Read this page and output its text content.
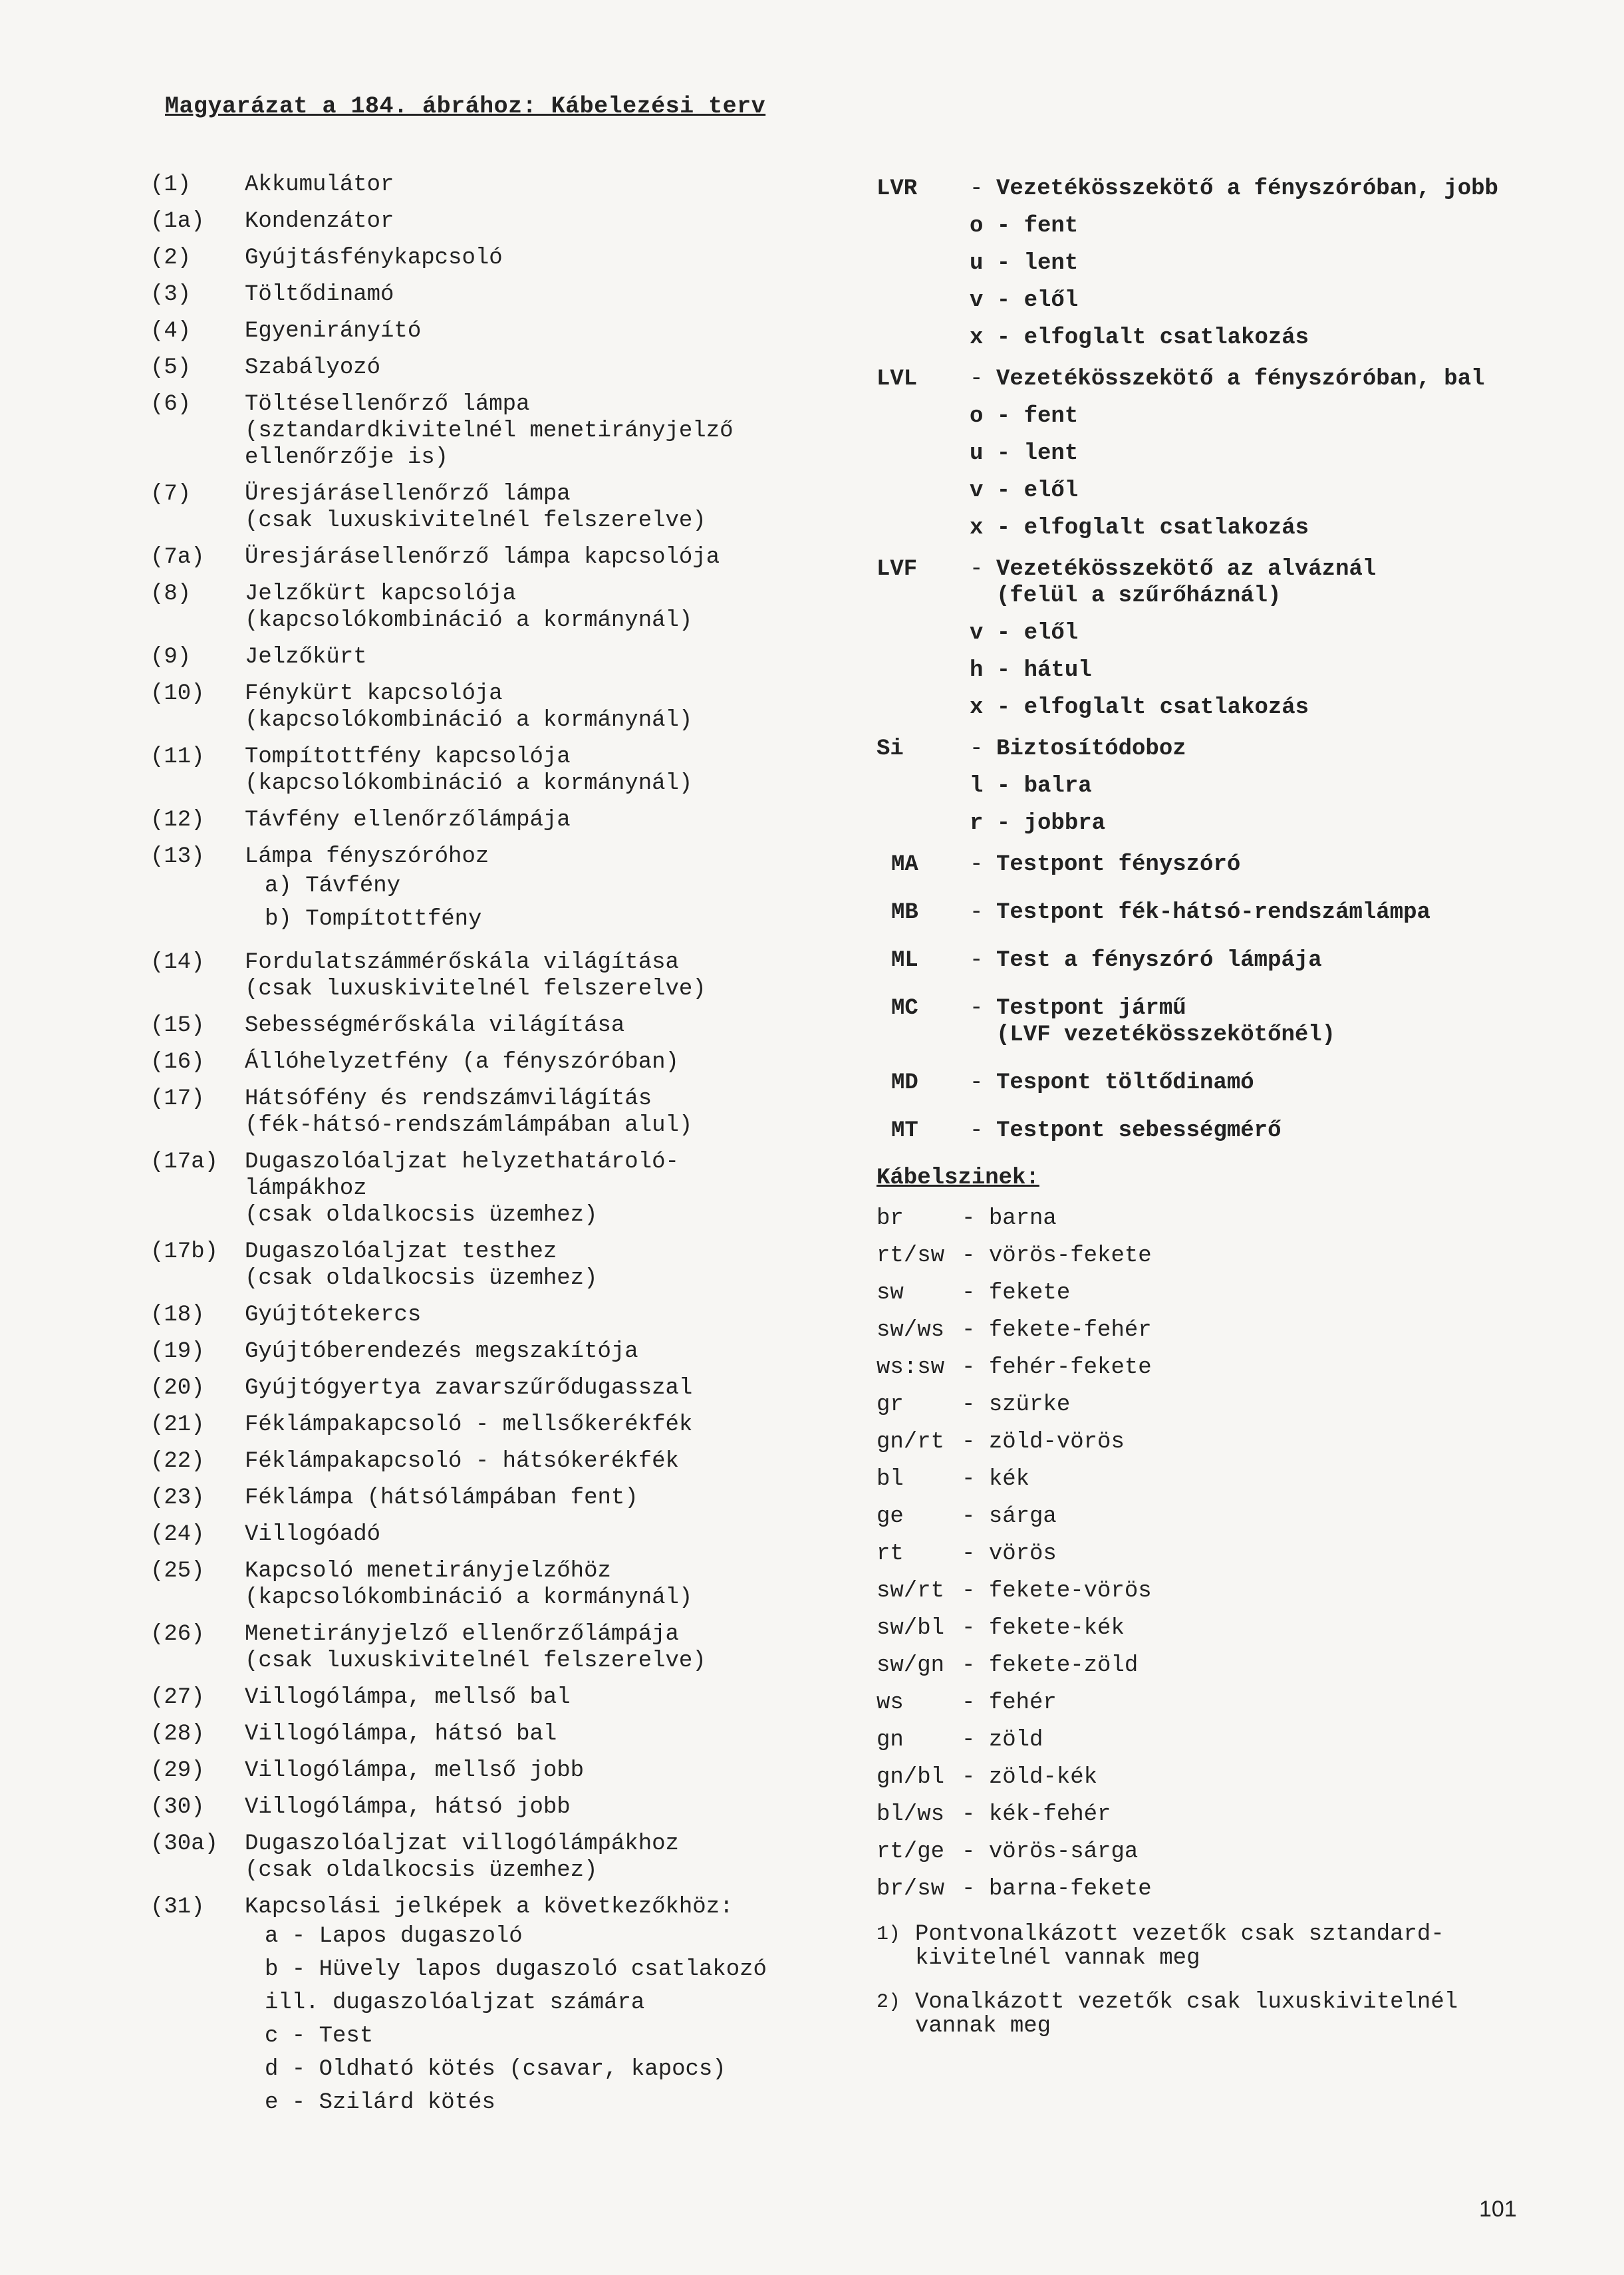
Magyarázat a 184. ábrához: Kábelezési terv
(1)	Akkumulátor
(1a)	Kondenzátor
(2)	Gyújtásfénykapcsoló
(3)	Töltődinamó
(4)	Egyenirányító
(5)	Szabályozó
(6)	Töltésellenőrző lámpa
(sztandardkivitelnél menetirányjelző
ellenőrzője is)
(7)	Üresjárásellenőrző lámpa
(csak luxuskivitelnél felszerelve)
(7a)	Üresjárásellenőrző lámpa kapcsolója
(8)	Jelzőkürt kapcsolója
(kapcsolókombináció a kormánynál)
(9)	Jelzőkürt
(10)	Fénykürt kapcsolója
(kapcsolókombináció a kormánynál)
(11)	Tompítottfény kapcsolója
(kapcsolókombináció a kormánynál)
(12)	Távfény ellenőrzőlámpája
(13)	Lámpa fényszóróhoz
a) Távfény
b) Tompítottfény
(14)	Fordulatszámmérőskála világítása
(csak luxuskivitelnél felszerelve)
(15)	Sebességmérőskála világítása
(16)	Állóhelyzetfény (a fényszóróban)
(17)	Hátsófény és rendszámvilágítás
(fék-hátsó-rendszámlámpában alul)
(17a)	Dugaszolóaljzat helyzethatároló-
lámpákhoz
(csak oldalkocsis üzemhez)
(17b)	Dugaszolóaljzat testhez
(csak oldalkocsis üzemhez)
(18)	Gyújtótekercs
(19)	Gyújtóberendezés megszakítója
(20)	Gyújtógyertya zavarszűrődugasszal
(21)	Féklámpakapcsoló - mellsőkerékfék
(22)	Féklámpakapcsoló - hátsókerékfék
(23)	Féklámpa (hátsólámpában fent)
(24)	Villogóadó
(25)	Kapcsoló menetirányjelzőhöz
(kapcsolókombináció a kormánynál)
(26)	Menetirányjelző ellenőrzőlámpája
(csak luxuskivitelnél felszerelve)
(27)	Villogólámpa, mellső bal
(28)	Villogólámpa, hátsó bal
(29)	Villogólámpa, mellső jobb
(30)	Villogólámpa, hátsó jobb
(30a)	Dugaszolóaljzat villogólámpákhoz
(csak oldalkocsis üzemhez)
(31)	Kapcsolási jelképek a következőkhöz:
a - Lapos dugaszoló
b - Hüvely lapos dugaszoló csatlakozó
ill. dugaszolóaljzat számára
c - Test
d - Oldható kötés (csavar, kapocs)
e - Szilárd kötés
LVR	- Vezetékösszekötő a fényszóróban, jobb
o - fent
u - lent
v - elől
x - elfoglalt csatlakozás
LVL	- Vezetékösszekötő a fényszóróban, bal
o - fent
u - lent
v - elől
x - elfoglalt csatlakozás
LVF	- Vezetékösszekötő az alváznál
(felül a szűrőháznál)
v - elől
h - hátul
x - elfoglalt csatlakozás
Si	- Biztosítódoboz
l - balra
r - jobbra
MA	- Testpont fényszóró
MB	- Testpont fék-hátsó-rendszámlámpa
ML	- Test a fényszóró lámpája
MC	- Testpont jármű
(LVF vezetékösszekötőnél)
MD	- Tespont töltődinamó
MT	- Testpont sebességmérő
Kábelszinek:
br	- barna
rt/sw	- vörös-fekete
sw	- fekete
sw/ws	- fekete-fehér
ws:sw	- fehér-fekete
gr	- szürke
gn/rt	- zöld-vörös
bl	- kék
ge	- sárga
rt	- vörös
sw/rt	- fekete-vörös
sw/bl	- fekete-kék
sw/gn	- fekete-zöld
ws	- fehér
gn	- zöld
gn/bl	- zöld-kék
bl/ws	- kék-fehér
rt/ge	- vörös-sárga
br/sw	- barna-fekete
1) Pontvonalkázott vezetők csak sztandard-
kivitelnél vannak meg
2) Vonalkázott vezetők csak luxuskivitelnél
vannak meg
101
